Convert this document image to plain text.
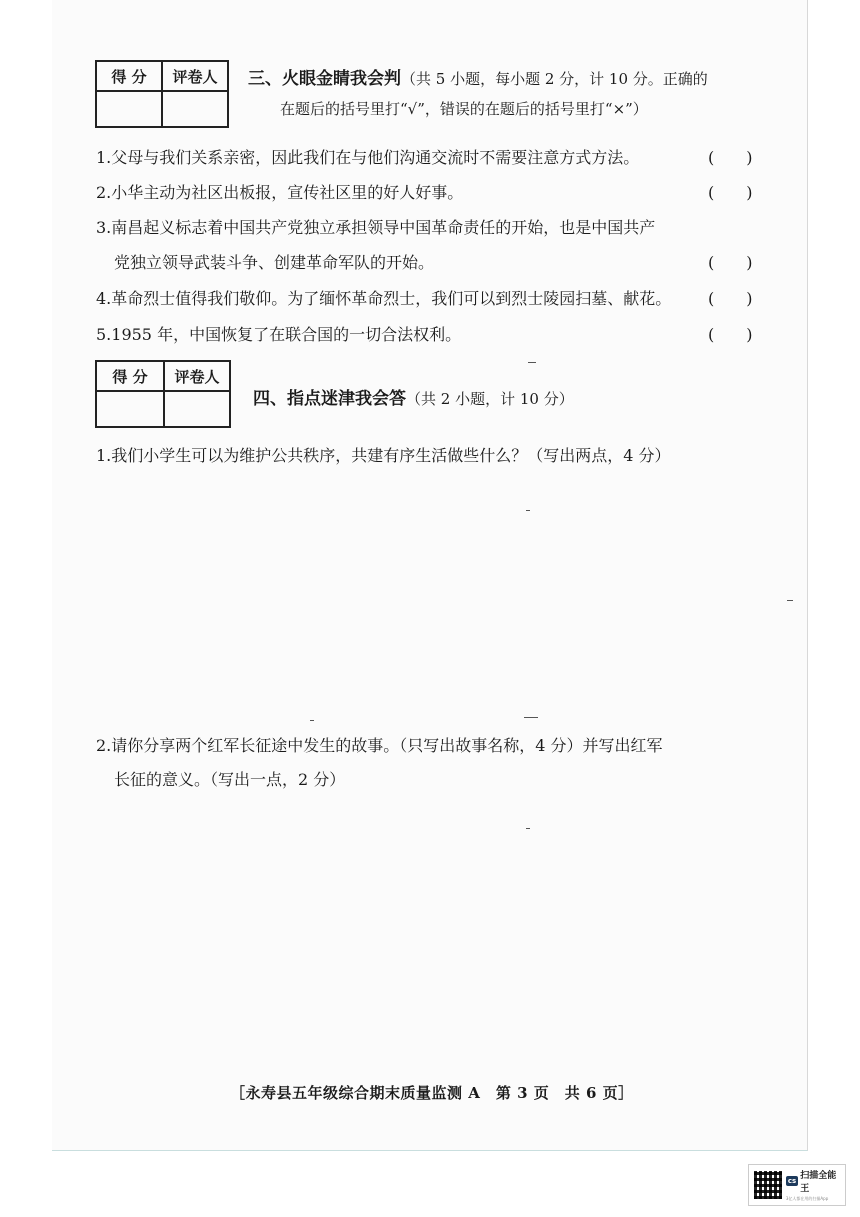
得 分	评卷人
	三、火眼金睛我会判（共 5 小题，每小题 2 分，计 10 分。正确的
在题后的括号里打“√”，错误的在题后的括号里打“×”）
1.父母与我们关系亲密，因此我们在与他们沟通交流时不需要注意方式方法。	(　　)
2.小华主动为社区出板报，宣传社区里的好人好事。	(　　)
3.南昌起义标志着中国共产党独立承担领导中国革命责任的开始，也是中国共产
党独立领导武装斗争、创建革命军队的开始。	(　　)
4.革命烈士值得我们敬仰。为了缅怀革命烈士，我们可以到烈士陵园扫墓、献花。 (　　)
5.1955 年，中国恢复了在联合国的一切合法权利。	(　　)
得 分	评卷人

四、指点迷津我会答（共 2 小题，计 10 分）
1.我们小学生可以为维护公共秩序，共建有序生活做些什么？（写出两点，4 分）
2.请你分享两个红军长征途中发生的故事。（只写出故事名称，4 分）并写出红军
长征的意义。（写出一点，2 分）
［永寿县五年级综合期末质量监测 A　第 3 页　共 6 页］
cs 扫描全能王
3亿人都在用的扫描App
